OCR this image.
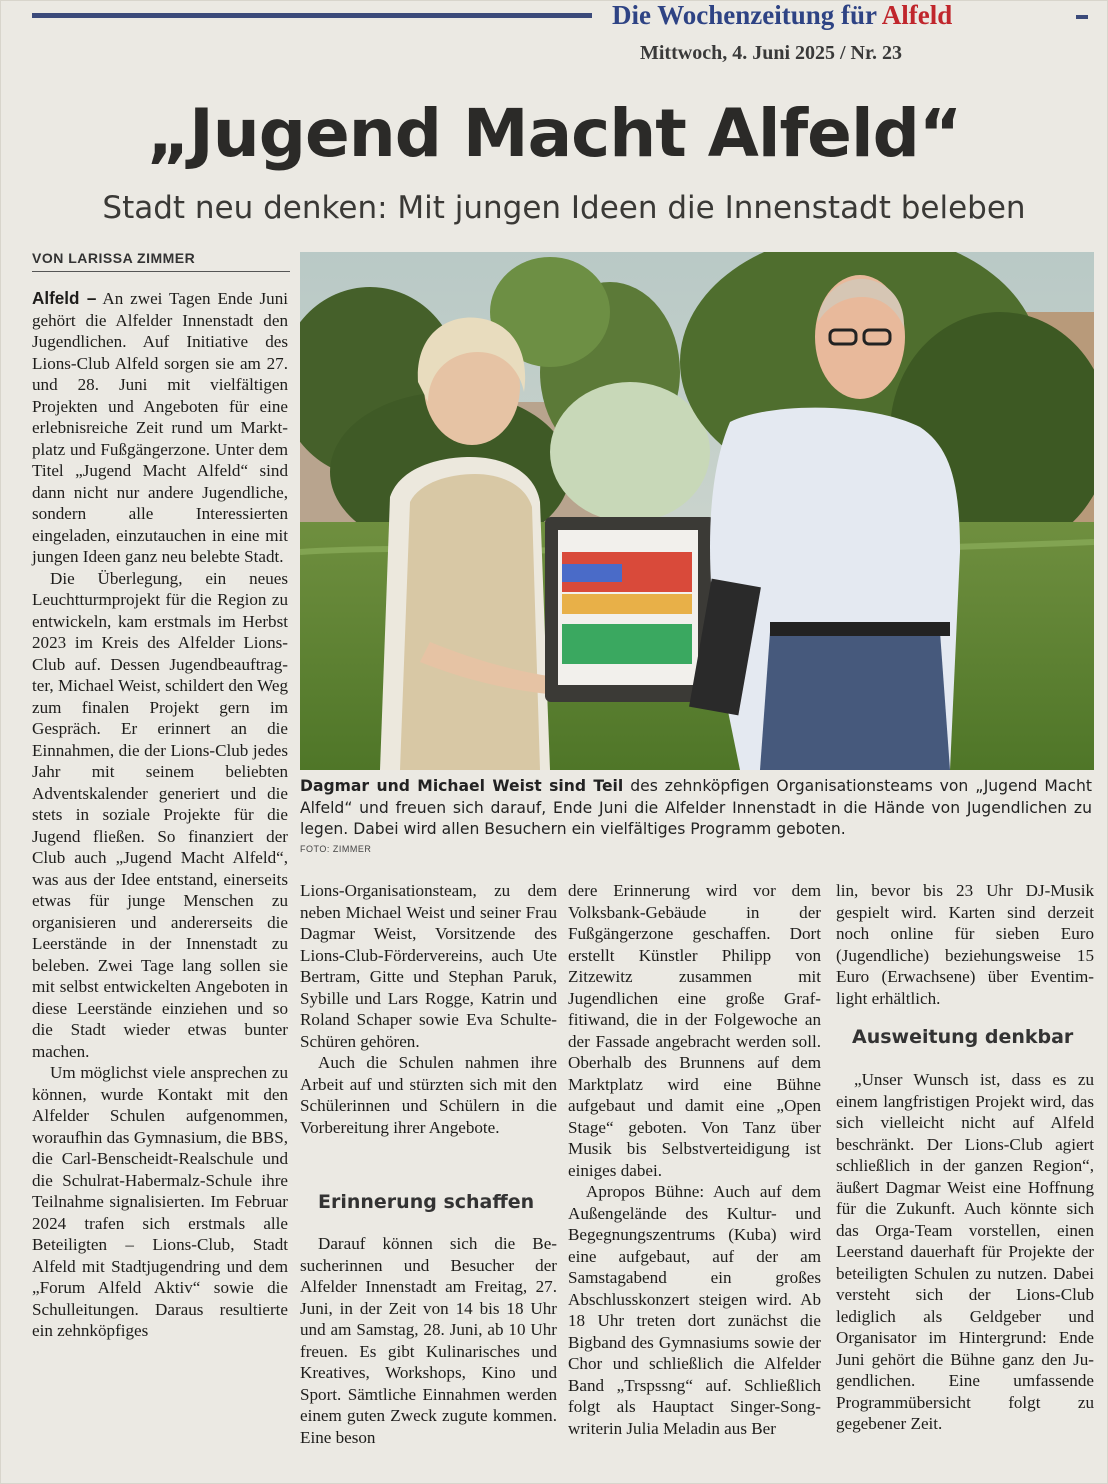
Die Wochenzeitung für Alfeld
Mittwoch, 4. Juni 2025 / Nr. 23
„Jugend Macht Alfeld“
Stadt neu denken: Mit jungen Ideen die Innenstadt beleben
VON LARISSA ZIMMER

Alfeld – An zwei Tagen Ende Juni gehört die Alfelder Innenstadt den Jugendlichen. Auf Initiative des Lions-Club Alfeld sorgen sie am 27. und 28. Juni mit vielfältigen Projekten und Angeboten für eine erlebnisreiche Zeit rund um Marktplatz und Fußgängerzone. Unter dem Titel „Jugend Macht Alfeld“ sind dann nicht nur andere Jugendliche, sondern alle Interessierten eingeladen, einzutauchen in eine mit jungen Ideen ganz neu belebte Stadt.

Die Überlegung, ein neues Leuchtturmprojekt für die Region zu entwickeln, kam erstmals im Herbst 2023 im Kreis des Alfelder Lions-Club auf. Dessen Jugendbeauftragter, Michael Weist, schildert den Weg zum finalen Projekt gern im Gespräch. Er erinnert an die Einnahmen, die der Lions-Club jedes Jahr mit seinem beliebten Adventskalender generiert und die stets in soziale Projekte für die Jugend fließen. So finanziert der Club auch „Jugend Macht Alfeld“, was aus der Idee entstand, einerseits etwas für junge Menschen zu organisieren und andererseits die Leerstände in der Innenstadt zu beleben. Zwei Tage lang sollen sie mit selbst entwickelten Angeboten in diese Leerstände einziehen und so die Stadt wieder etwas bunter machen.

Um möglichst viele ansprechen zu können, wurde Kontakt mit den Alfelder Schulen aufgenommen, woraufhin das Gymnasium, die BBS, die Carl-Benscheidt-Realschule und die Schulrat-Habermalz-Schule ihre Teilnahme signalisierten. Im Februar 2024 trafen sich erstmals alle Beteiligten – Lions-Club, Stadt Alfeld mit Stadtjugendring und dem „Forum Alfeld Aktiv“ sowie die Schulleitungen. Daraus resultierte ein zehnköpfiges

Dagmar und Michael Weist sind Teil des zehnköpfigen Organisationsteams von „Jugend Macht Alfeld“ und freuen sich darauf, Ende Juni die Alfelder Innenstadt in die Hände von Jugendlichen zu legen. Dabei wird allen Besuchern ein vielfältiges Programm geboten.
FOTO: ZIMMER

Lions-Organisationsteam, zu dem neben Michael Weist und seiner Frau Dagmar Weist, Vorsitzende des Lions-Club-Fördervereins, auch Ute Bertram, Gitte und Stephan Paruk, Sybille und Lars Rogge, Katrin und Roland Schaper sowie Eva Schulte-Schüren gehören.

Auch die Schulen nahmen ihre Arbeit auf und stürzten sich mit den Schülerinnen und Schülern in die Vorbereitung ihrer Angebote.

Erinnerung schaffen

Darauf können sich die Besucherinnen und Besucher der Alfelder Innenstadt am Freitag, 27. Juni, in der Zeit von 14 bis 18 Uhr und am Samstag, 28. Juni, ab 10 Uhr freuen. Es gibt Kulinarisches und Kreatives, Workshops, Kino und Sport. Sämtliche Einnahmen werden einem guten Zweck zugute kommen. Eine beson

dere Erinnerung wird vor dem Volksbank-Gebäude in der Fußgängerzone geschaffen. Dort erstellt Künstler Philipp von Zitzewitz zusammen mit Jugendlichen eine große Graffitiwand, die in der Folgewoche an der Fassade angebracht werden soll. Oberhalb des Brunnens auf dem Marktplatz wird eine Bühne aufgebaut und damit eine „Open Stage“ geboten. Von Tanz über Musik bis Selbstverteidigung ist einiges dabei.

Apropos Bühne: Auch auf dem Außengelände des Kultur- und Begegnungszentrums (Kuba) wird eine aufgebaut, auf der am Samstagabend ein großes Abschlusskonzert steigen wird. Ab 18 Uhr treten dort zunächst die Bigband des Gymnasiums sowie der Chor und schließlich die Alfelder Band „Trspssng“ auf. Schließlich folgt als Hauptact Singer-Songwriterin Julia Meladin aus Ber

lin, bevor bis 23 Uhr DJ-Musik gespielt wird. Karten sind derzeit noch online für sieben Euro (Jugendliche) beziehungsweise 15 Euro (Erwachsene) über Eventim-light erhältlich.

Ausweitung denkbar

„Unser Wunsch ist, dass es zu einem langfristigen Projekt wird, das sich vielleicht nicht auf Alfeld beschränkt. Der Lions-Club agiert schließlich in der ganzen Region“, äußert Dagmar Weist eine Hoffnung für die Zukunft. Auch könnte sich das Orga-Team vorstellen, einen Leerstand dauerhaft für Projekte der beteiligten Schulen zu nutzen. Dabei versteht sich der Lions-Club lediglich als Geldgeber und Organisator im Hintergrund: Ende Juni gehört die Bühne ganz den Jugendlichen. Eine umfassende Programmübersicht folgt zu gegebener Zeit.
